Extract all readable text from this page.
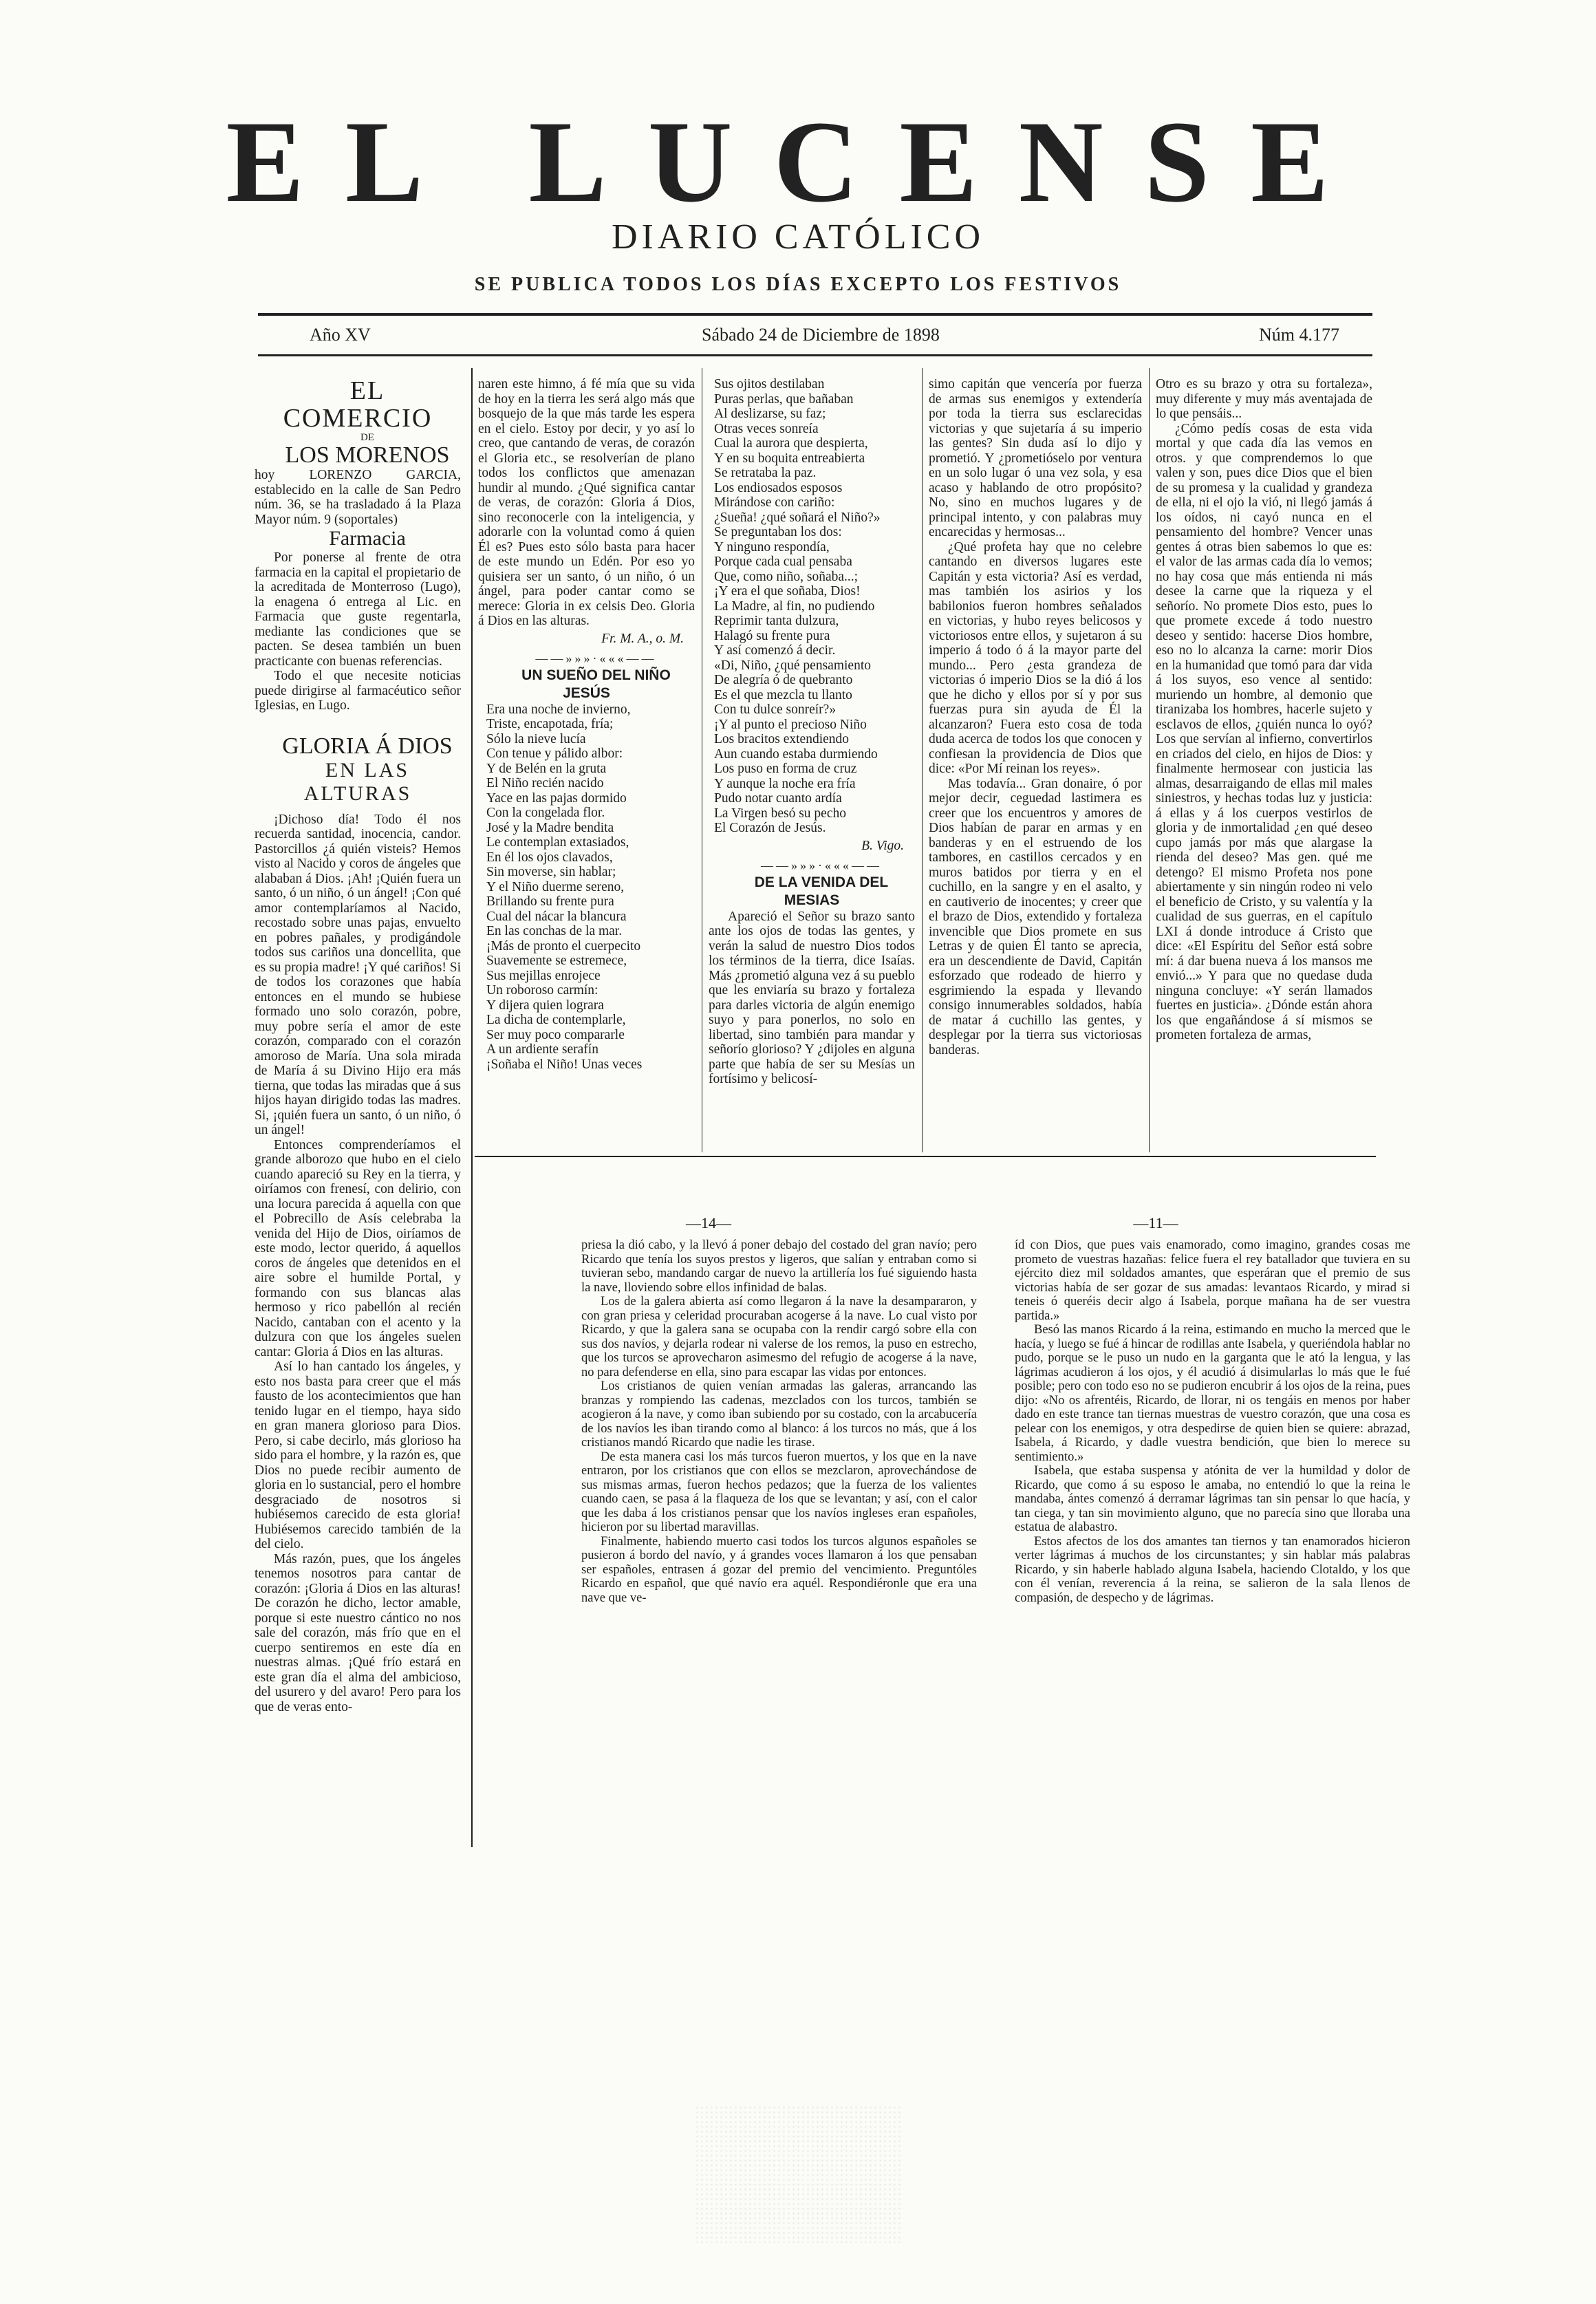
EL LUCENSE
DIARIO CATÓLICO
SE PUBLICA TODOS LOS DÍAS EXCEPTO LOS FESTIVOS
Año XV	Sábado 24 de Diciembre de 1898	Núm 4.177

EL COMERCIO

DE

LOS MORENOS

hoy LORENZO GARCIA, establecido en la calle de San Pedro núm. 36, se ha trasladado á la Plaza Mayor núm. 9 (soportales)

Farmacia

Por ponerse al frente de otra farmacia en la capital el propietario de la acreditada de Monterroso (Lugo), la enagena ó entrega al Lic. en Farmacia que guste regentarla, mediante las condiciones que se pacten. Se desea también un buen practicante con buenas referencias.

Todo el que necesite noticias puede dirigirse al farmacéutico señor Iglesias, en Lugo.

GLORIA Á DIOS

EN LAS ALTURAS

¡Dichoso día! Todo él nos recuerda santidad, inocencia, candor. Pastorcillos ¿á quién visteis? Hemos visto al Nacido y coros de ángeles que alababan á Dios. ¡Ah! ¡Quién fuera un santo, ó un niño, ó un ángel! ¡Con qué amor contemplaríamos al Nacido, recostado sobre unas pajas, envuelto en pobres pañales, y prodigándole todos sus cariños una doncellita, que es su propia madre! ¡Y qué cariños! Si de todos los corazones que había entonces en el mundo se hubiese formado uno solo corazón, pobre, muy pobre sería el amor de este corazón, comparado con el corazón amoroso de María. Una sola mirada de María á su Divino Hijo era más tierna, que todas las miradas que á sus hijos hayan dirigido todas las madres. Si, ¡quién fuera un santo, ó un niño, ó un ángel!

Entonces comprenderíamos el grande alborozo que hubo en el cielo cuando apareció su Rey en la tierra, y oiríamos con frenesí, con delirio, con una locura parecida á aquella con que el Pobrecillo de Asís celebraba la venida del Hijo de Dios, oiríamos de este modo, lector querido, á aquellos coros de ángeles que detenidos en el aire sobre el humilde Portal, y formando con sus blancas alas hermoso y rico pabellón al recién Nacido, cantaban con el acento y la dulzura con que los ángeles suelen cantar: Gloria á Dios en las alturas.

Así lo han cantado los ángeles, y esto nos basta para creer que el más fausto de los acontecimientos que han tenido lugar en el tiempo, haya sido en gran manera glorioso para Dios. Pero, si cabe decirlo, más glorioso ha sido para el hombre, y la razón es, que Dios no puede recibir aumento de gloria en lo sustancial, pero el hombre desgraciado de nosotros si hubiésemos carecido de esta gloria! Hubiésemos carecido también de la del cielo.

Más razón, pues, que los ángeles tenemos nosotros para cantar de corazón: ¡Gloria á Dios en las alturas! De corazón he dicho, lector amable, porque si este nuestro cántico no nos sale del corazón, más frío que en el cuerpo sentiremos en este día en nuestras almas. ¡Qué frío estará en este gran día el alma del ambicioso, del usurero y del avaro! Pero para los que de veras ento-

naren este himno, á fé mía que su vida de hoy en la tierra les será algo más que bosquejo de la que más tarde les espera en el cielo. Estoy por decir, y yo así lo creo, que cantando de veras, de corazón el Gloria etc., se resolverían de plano todos los conflictos que amenazan hundir al mundo. ¿Qué significa cantar de veras, de corazón: Gloria á Dios, sino reconocerle con la inteligencia, y adorarle con la voluntad como á quien Él es? Pues esto sólo basta para hacer de este mundo un Edén. Por eso yo quisiera ser un santo, ó un niño, ó un ángel, para poder cantar como se merece: Gloria in ex celsis Deo. Gloria á Dios en las alturas.

Fr. M. A., o. M.

——»»»·«««——

UN SUEÑO DEL NIÑO JESÚS

Era una noche de invierno,
Triste, encapotada, fría;
Sólo la nieve lucía
Con tenue y pálido albor:
Y de Belén en la gruta
El Niño recién nacido
Yace en las pajas dormido
Con la congelada flor.
José y la Madre bendita
Le contemplan extasiados,
En él los ojos clavados,
Sin moverse, sin hablar;
Y el Niño duerme sereno,
Brillando su frente pura
Cual del nácar la blancura
En las conchas de la mar.
¡Más de pronto el cuerpecito
Suavemente se estremece,
Sus mejillas enrojece
Un roboroso carmín:
Y dijera quien lograra
La dicha de contemplarle,
Ser muy poco compararle
A un ardiente serafín
¡Soñaba el Niño! Unas veces

Sus ojitos destilaban
Puras perlas, que bañaban
Al deslizarse, su faz;
Otras veces sonreía
Cual la aurora que despierta,
Y en su boquita entreabierta
Se retrataba la paz.
Los endiosados esposos
Mirándose con cariño:
¿Sueña! ¿qué soñará el Niño?»
Se preguntaban los dos:
Y ninguno respondía,
Porque cada cual pensaba
Que, como niño, soñaba...;
¡Y era el que soñaba, Dios!
La Madre, al fin, no pudiendo
Reprimir tanta dulzura,
Halagó su frente pura
Y así comenzó á decir.
«Di, Niño, ¿qué pensamiento
De alegría ó de quebranto
Es el que mezcla tu llanto
Con tu dulce sonreír?»
¡Y al punto el precioso Niño
Los bracitos extendiendo
Aun cuando estaba durmiendo
Los puso en forma de cruz
Y aunque la noche era fría
Pudo notar cuanto ardía
La Virgen besó su pecho
El Corazón de Jesús.

B. Vigo.

——»»»·«««——

DE LA VENIDA DEL MESIAS

Apareció el Señor su brazo santo ante los ojos de todas las gentes, y verán la salud de nuestro Dios todos los términos de la tierra, dice Isaías. Más ¿prometió alguna vez á su pueblo que les enviaría su brazo y fortaleza para darles victoria de algún enemigo suyo y para ponerlos, no solo en libertad, sino también para mandar y señorío glorioso? Y ¿dijoles en alguna parte que había de ser su Mesías un fortísimo y belicosí-

simo capitán que vencería por fuerza de armas sus enemigos y extendería por toda la tierra sus esclarecidas victorias y que sujetaría á su imperio las gentes? Sin duda así lo dijo y prometió. Y ¿prometióselo por ventura en un solo lugar ó una vez sola, y esa acaso y hablando de otro propósito? No, sino en muchos lugares y de principal intento, y con palabras muy encarecidas y hermosas...

¿Qué profeta hay que no celebre cantando en diversos lugares este Capitán y esta victoria? Así es verdad, mas también los asirios y los babilonios fueron hombres señalados en victorias, y hubo reyes belicosos y victoriosos entre ellos, y sujetaron á su imperio á todo ó á la mayor parte del mundo... Pero ¿esta grandeza de victorias ó imperio Dios se la dió á los que he dicho y ellos por sí y por sus fuerzas pura sin ayuda de Él la alcanzaron? Fuera esto cosa de toda duda acerca de todos los que conocen y confiesan la providencia de Dios que dice: «Por Mí reinan los reyes».

Mas todavía... Gran donaire, ó por mejor decir, ceguedad lastimera es creer que los encuentros y amores de Dios habían de parar en armas y en banderas y en el estruendo de los tambores, en castillos cercados y en muros batidos por tierra y en el cuchillo, en la sangre y en el asalto, y en cautiverio de inocentes; y creer que el brazo de Dios, extendido y fortaleza invencible que Dios promete en sus Letras y de quien Él tanto se aprecia, era un descendiente de David, Capitán esforzado que rodeado de hierro y esgrimiendo la espada y llevando consigo innumerables soldados, había de matar á cuchillo las gentes, y desplegar por la tierra sus victoriosas banderas.

Otro es su brazo y otra su fortaleza», muy diferente y muy más aventajada de lo que pensáis...

¿Cómo pedís cosas de esta vida mortal y que cada día las vemos en otros. y que comprendemos lo que valen y son, pues dice Dios que el bien de su promesa y la cualidad y grandeza de ella, ni el ojo la vió, ni llegó jamás á los oídos, ni cayó nunca en el pensamiento del hombre? Vencer unas gentes á otras bien sabemos lo que es: el valor de las armas cada día lo vemos; no hay cosa que más entienda ni más desee la carne que la riqueza y el señorío. No promete Dios esto, pues lo que promete excede á todo nuestro deseo y sentido: hacerse Dios hombre, eso no lo alcanza la carne: morir Dios en la humanidad que tomó para dar vida á los suyos, eso vence al sentido: muriendo un hombre, al demonio que tiranizaba los hombres, hacerle sujeto y esclavos de ellos, ¿quién nunca lo oyó? Los que servían al infierno, convertirlos en criados del cielo, en hijos de Dios: y finalmente hermosear con justicia las almas, desarraigando de ellas mil males siniestros, y hechas todas luz y justicia: á ellas y á los cuerpos vestirlos de gloria y de inmortalidad ¿en qué deseo cupo jamás por más que alargase la rienda del deseo? Mas gen. qué me detengo? El mismo Profeta nos pone abiertamente y sin ningún rodeo ni velo el beneficio de Cristo, y su valentía y la cualidad de sus guerras, en el capítulo LXI á donde introduce á Cristo que dice: «El Espíritu del Señor está sobre mí: á dar buena nueva á los mansos me envió...» Y para que no quedase duda ninguna concluye: «Y serán llamados fuertes en justicia». ¿Dónde están ahora los que engañándose á sí mismos se prometen fortaleza de armas,

—14—

priesa la dió cabo, y la llevó á poner debajo del costado del gran navío; pero Ricardo que tenía los suyos prestos y ligeros, que salían y entraban como si tuvieran sebo, mandando cargar de nuevo la artillería los fué siguiendo hasta la nave, lloviendo sobre ellos infinidad de balas.

Los de la galera abierta así como llegaron á la nave la desampararon, y con gran priesa y celeridad procuraban acogerse á la nave. Lo cual visto por Ricardo, y que la galera sana se ocupaba con la rendir cargó sobre ella con sus dos navíos, y dejarla rodear ni valerse de los remos, la puso en estrecho, que los turcos se aprovecharon asimesmo del refugio de acogerse á la nave, no para defenderse en ella, sino para escapar las vidas por entonces.

Los cristianos de quien venían armadas las galeras, arrancando las branzas y rompiendo las cadenas, mezclados con los turcos, también se acogieron á la nave, y como iban subiendo por su costado, con la arcabucería de los navíos les iban tirando como al blanco: á los turcos no más, que á los cristianos mandó Ricardo que nadie les tirase.

De esta manera casi los más turcos fueron muertos, y los que en la nave entraron, por los cristianos que con ellos se mezclaron, aprovechándose de sus mismas armas, fueron hechos pedazos; que la fuerza de los valientes cuando caen, se pasa á la flaqueza de los que se levantan; y así, con el calor que les daba á los cristianos pensar que los navíos ingleses eran españoles, hicieron por su libertad maravillas.

Finalmente, habiendo muerto casi todos los turcos algunos españoles se pusieron á bordo del navío, y á grandes voces llamaron á los que pensaban ser españoles, entrasen á gozar del premio del vencimiento. Preguntóles Ricardo en español, que qué navío era aquél. Respondiéronle que era una nave que ve-

—11—

íd con Dios, que pues vais enamorado, como imagino, grandes cosas me prometo de vuestras hazañas: felice fuera el rey batallador que tuviera en su ejército diez mil soldados amantes, que esperáran que el premio de sus victorias había de ser gozar de sus amadas: levantaos Ricardo, y mirad si teneis ó queréis decir algo á Isabela, porque mañana ha de ser vuestra partida.»

Besó las manos Ricardo á la reina, estimando en mucho la merced que le hacía, y luego se fué á hincar de rodillas ante Isabela, y queriéndola hablar no pudo, porque se le puso un nudo en la garganta que le ató la lengua, y las lágrimas acudieron á los ojos, y él acudió á disimularlas lo más que le fué posible; pero con todo eso no se pudieron encubrir á los ojos de la reina, pues dijo: «No os afrentéis, Ricardo, de llorar, ni os tengáis en menos por haber dado en este trance tan tiernas muestras de vuestro corazón, que una cosa es pelear con los enemigos, y otra despedirse de quien bien se quiere: abrazad, Isabela, á Ricardo, y dadle vuestra bendición, que bien lo merece su sentimiento.»

Isabela, que estaba suspensa y atónita de ver la humildad y dolor de Ricardo, que como á su esposo le amaba, no entendió lo que la reina le mandaba, ántes comenzó á derramar lágrimas tan sin pensar lo que hacía, y tan ciega, y tan sin movimiento alguno, que no parecía sino que lloraba una estatua de alabastro.

Estos afectos de los dos amantes tan tiernos y tan enamorados hicieron verter lágrimas á muchos de los circunstantes; y sin hablar más palabras Ricardo, y sin haberle hablado alguna Isabela, haciendo Clotaldo, y los que con él venían, reverencia á la reina, se salieron de la sala llenos de compasión, de despecho y de lágrimas.
